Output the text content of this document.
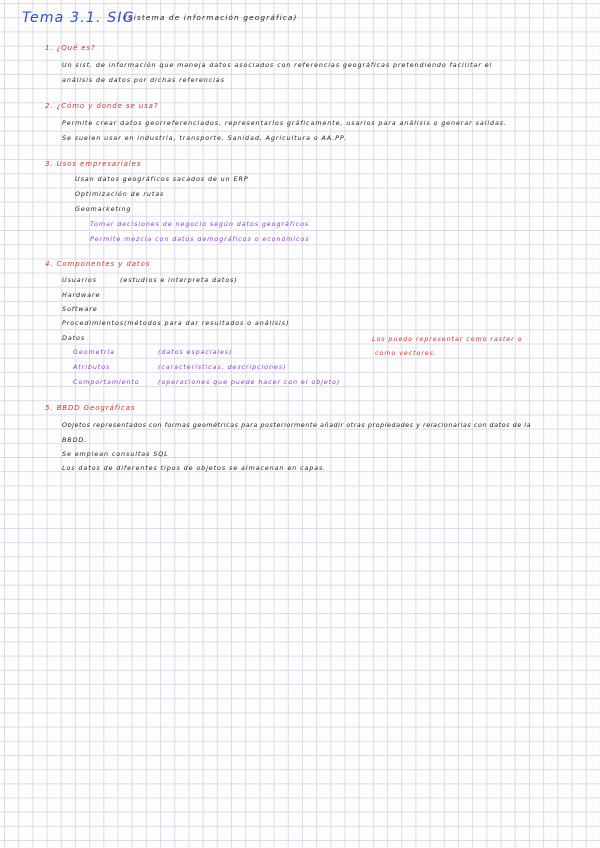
Tema 3.1. SIG
(Sistema de información geográfica)
1. ¿Qué es?
Un sist. de información que maneja datos asociados con referencias geográficas pretendiendo facilitar el
análisis de datos por dichas referencias
2. ¿Cómo y donde se usa?
Permite crear datos georreferenciados, representarlos gráficamente, usarlos para análisis o generar salidas.
Se suelen usar en industria, transporte, Sanidad, Agricultura o AA.PP.
3. Usos empresariales
Usan datos geográficos sacados de un ERP
Optimización de rutas
Geomarketing
Tomar decisiones de negocio según datos geográficos
Permite mezcla con datos demográficos o económicos
4. Componentes y datos
Usuarios	(estudios e interpreta datos)
Hardware
Software
Procedimientos (métodos para dar resultados o análisis)
Datos
Geometría	(datos espaciales)
Atributos	(características, descripciones)
Comportamiento	(operaciones que puede hacer con el objeto)
Los puedo representar como raster o
como vectores.
5. BBDD Geográficas
Objetos representados con formas geométricas para posteriormente añadir otras propiedades y relacionarlas con datos de la
BBDD.
Se emplean consultas SQL
Los datos de diferentes tipos de objetos se almacenan en capas.
